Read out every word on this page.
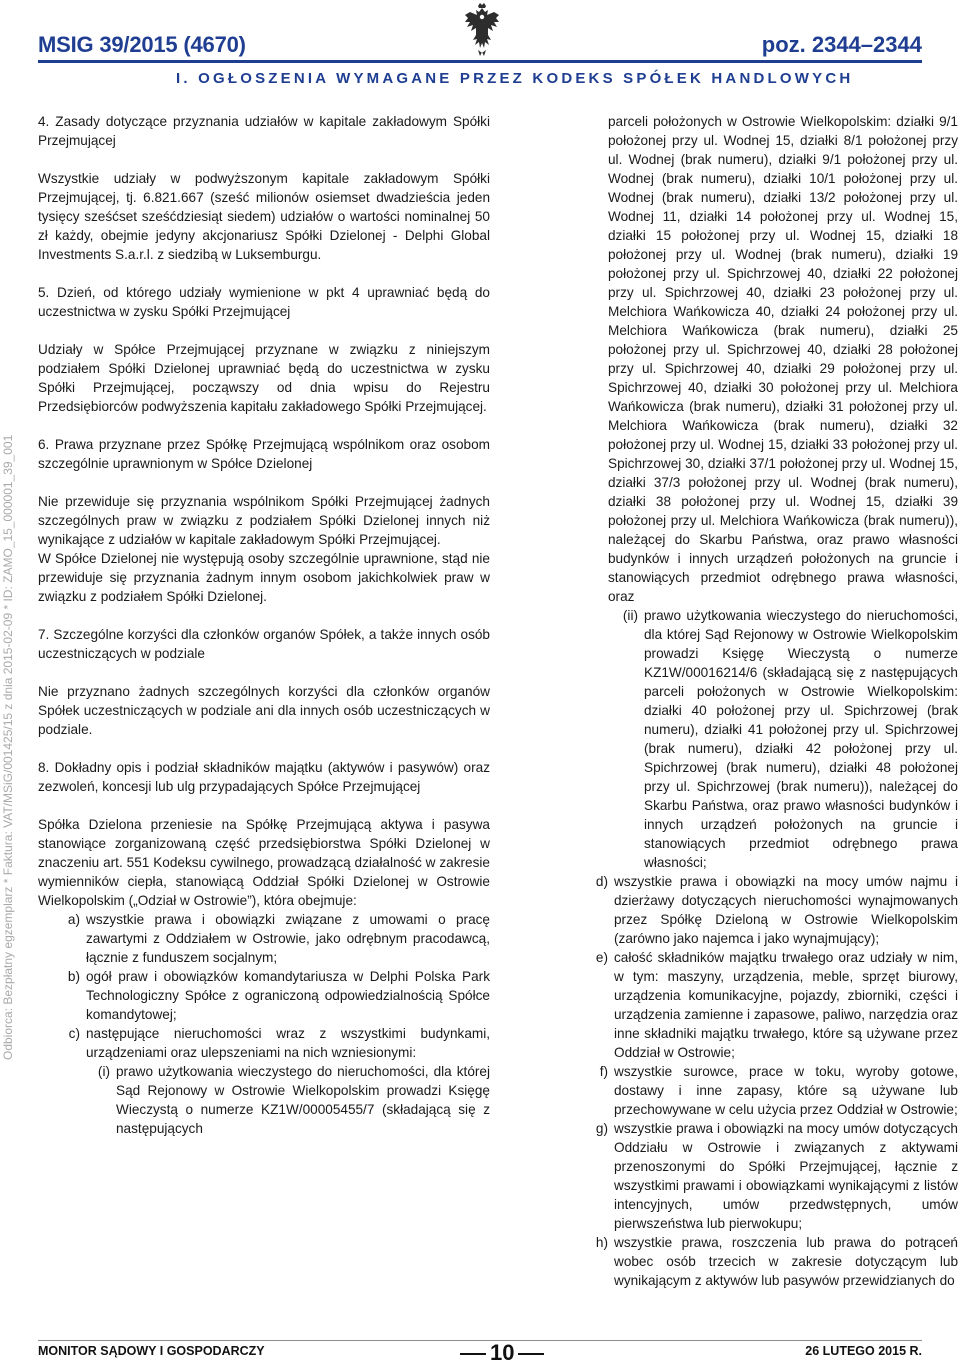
MSIG 39/2015 (4670)	poz. 2344–2344
I. OGŁOSZENIA WYMAGANE PRZEZ KODEKS SPÓŁEK HANDLOWYCH
Odbiorca: Bezpłatny egzemplarz * Faktura: VAT/MSiG/001425/15 z dnia 2015-02-09 * ID: ZAMO_15_000001_39_001

4. Zasady dotyczące przyznania udziałów w kapitale zakładowym Spółki Przejmującej

Wszystkie udziały w podwyższonym kapitale zakładowym Spółki Przejmującej, tj. 6.821.667 (sześć milionów osiemset dwadzieścia jeden tysięcy sześćset sześćdziesiąt siedem) udziałów o wartości nominalnej 50 zł każdy, obejmie jedyny akcjonariusz Spółki Dzielonej - Delphi Global Investments S.a.r.l. z siedzibą w Luksemburgu.

5. Dzień, od którego udziały wymienione w pkt 4 uprawniać będą do uczestnictwa w zysku Spółki Przejmującej

Udziały w Spółce Przejmującej przyznane w związku z niniejszym podziałem Spółki Dzielonej uprawniać będą do uczestnictwa w zysku Spółki Przejmującej, począwszy od dnia wpisu do Rejestru Przedsiębiorców podwyższenia kapitału zakładowego Spółki Przejmującej.

6. Prawa przyznane przez Spółkę Przejmującą wspólnikom oraz osobom szczególnie uprawnionym w Spółce Dzielonej

Nie przewiduje się przyznania wspólnikom Spółki Przejmującej żadnych szczególnych praw w związku z podziałem Spółki Dzielonej innych niż wynikające z udziałów w kapitale zakładowym Spółki Przejmującej.

W Spółce Dzielonej nie występują osoby szczególnie uprawnione, stąd nie przewiduje się przyznania żadnym innym osobom jakichkolwiek praw w związku z podziałem Spółki Dzielonej.

7. Szczególne korzyści dla członków organów Spółek, a także innych osób uczestniczących w podziale

Nie przyznano żadnych szczególnych korzyści dla członków organów Spółek uczestniczących w podziale ani dla innych osób uczestniczących w podziale.

8. Dokładny opis i podział składników majątku (aktywów i pasywów) oraz zezwoleń, koncesji lub ulg przypadających Spółce Przejmującej

Spółka Dzielona przeniesie na Spółkę Przejmującą aktywa i pasywa stanowiące zorganizowaną część przedsiębiorstwa Spółki Dzielonej w znaczeniu art. 551 Kodeksu cywilnego, prowadzącą działalność w zakresie wymienników ciepła, stanowiącą Oddział Spółki Dzielonej w Ostrowie Wielkopolskim („Odział w Ostrowie”), która obejmuje:

a) wszystkie prawa i obowiązki związane z umowami o pracę zawartymi z Oddziałem w Ostrowie, jako odrębnym pracodawcą, łącznie z funduszem socjalnym;
b) ogół praw i obowiązków komandytariusza w Delphi Polska Park Technologiczny Spółce z ograniczoną odpowiedzialnością Spółce komandytowej;
c) następujące nieruchomości wraz z wszystkimi budynkami, urządzeniami oraz ulepszeniami na nich wzniesionymi:
(i) prawo użytkowania wieczystego do nieruchomości, dla której Sąd Rejonowy w Ostrowie Wielkopolskim prowadzi Księgę Wieczystą o numerze KZ1W/00005455/7 (składającą się z następujących

parceli położonych w Ostrowie Wielkopolskim: działki 9/1 położonej przy ul. Wodnej 15, działki 8/1 położonej przy ul. Wodnej (brak numeru), działki 9/1 położonej przy ul. Wodnej (brak numeru), działki 10/1 położonej przy ul. Wodnej (brak numeru), działki 13/2 położonej przy ul. Wodnej 11, działki 14 położonej przy ul. Wodnej 15, działki 15 położonej przy ul. Wodnej 15, działki 18 położonej przy ul. Wodnej (brak numeru), działki 19 położonej przy ul. Spichrzowej 40, działki 22 położonej przy ul. Spichrzowej 40, działki 23 położonej przy ul. Melchiora Wańkowicza 40, działki 24 położonej przy ul. Melchiora Wańkowicza (brak numeru), działki 25 położonej przy ul. Spichrzowej 40, działki 28 położonej przy ul. Spichrzowej 40, działki 29 położonej przy ul. Spichrzowej 40, działki 30 położonej przy ul. Melchiora Wańkowicza (brak numeru), działki 31 położonej przy ul. Melchiora Wańkowicza (brak numeru), działki 32 położonej przy ul. Wodnej 15, działki 33 położonej przy ul. Spichrzowej 30, działki 37/1 położonej przy ul. Wodnej 15, działki 37/3 położonej przy ul. Wodnej (brak numeru), działki 38 położonej przy ul. Wodnej 15, działki 39 położonej przy ul. Melchiora Wańkowicza (brak numeru)), należącej do Skarbu Państwa, oraz prawo własności budynków i innych urządzeń położonych na gruncie i stanowiących przedmiot odrębnego prawa własności, oraz

(ii) prawo użytkowania wieczystego do nieruchomości, dla której Sąd Rejonowy w Ostrowie Wielkopolskim prowadzi Księgę Wieczystą o numerze KZ1W/00016214/6 (składającą się z następujących parceli położonych w Ostrowie Wielkopolskim: działki 40 położonej przy ul. Spichrzowej (brak numeru), działki 41 położonej przy ul. Spichrzowej (brak numeru), działki 42 położonej przy ul. Spichrzowej (brak numeru), działki 48 położonej przy ul. Spichrzowej (brak numeru)), należącej do Skarbu Państwa, oraz prawo własności budynków i innych urządzeń położonych na gruncie i stanowiących przedmiot odrębnego prawa własności;
d) wszystkie prawa i obowiązki na mocy umów najmu i dzierżawy dotyczących nieruchomości wynajmowanych przez Spółkę Dzieloną w Ostrowie Wielkopolskim (zarówno jako najemca i jako wynajmujący);
e) całość składników majątku trwałego oraz udziały w nim, w tym: maszyny, urządzenia, meble, sprzęt biurowy, urządzenia komunikacyjne, pojazdy, zbiorniki, części i urządzenia zamienne i zapasowe, paliwo, narzędzia oraz inne składniki majątku trwałego, które są używane przez Oddział w Ostrowie;
f) wszystkie surowce, prace w toku, wyroby gotowe, dostawy i inne zapasy, które są używane lub przechowywane w celu użycia przez Oddział w Ostrowie;
g) wszystkie prawa i obowiązki na mocy umów dotyczących Oddziału w Ostrowie i związanych z aktywami przenoszonymi do Spółki Przejmującej, łącznie z wszystkimi prawami i obowiązkami wynikającymi z listów intencyjnych, umów przedwstępnych, umów pierwszeństwa lub pierwokupu;
h) wszystkie prawa, roszczenia lub prawa do potrąceń wobec osób trzecich w zakresie dotyczącym lub wynikającym z aktywów lub pasywów przewidzianych do
MONITOR SĄDOWY I GOSPODARCZY	10	26 LUTEGO 2015 R.
